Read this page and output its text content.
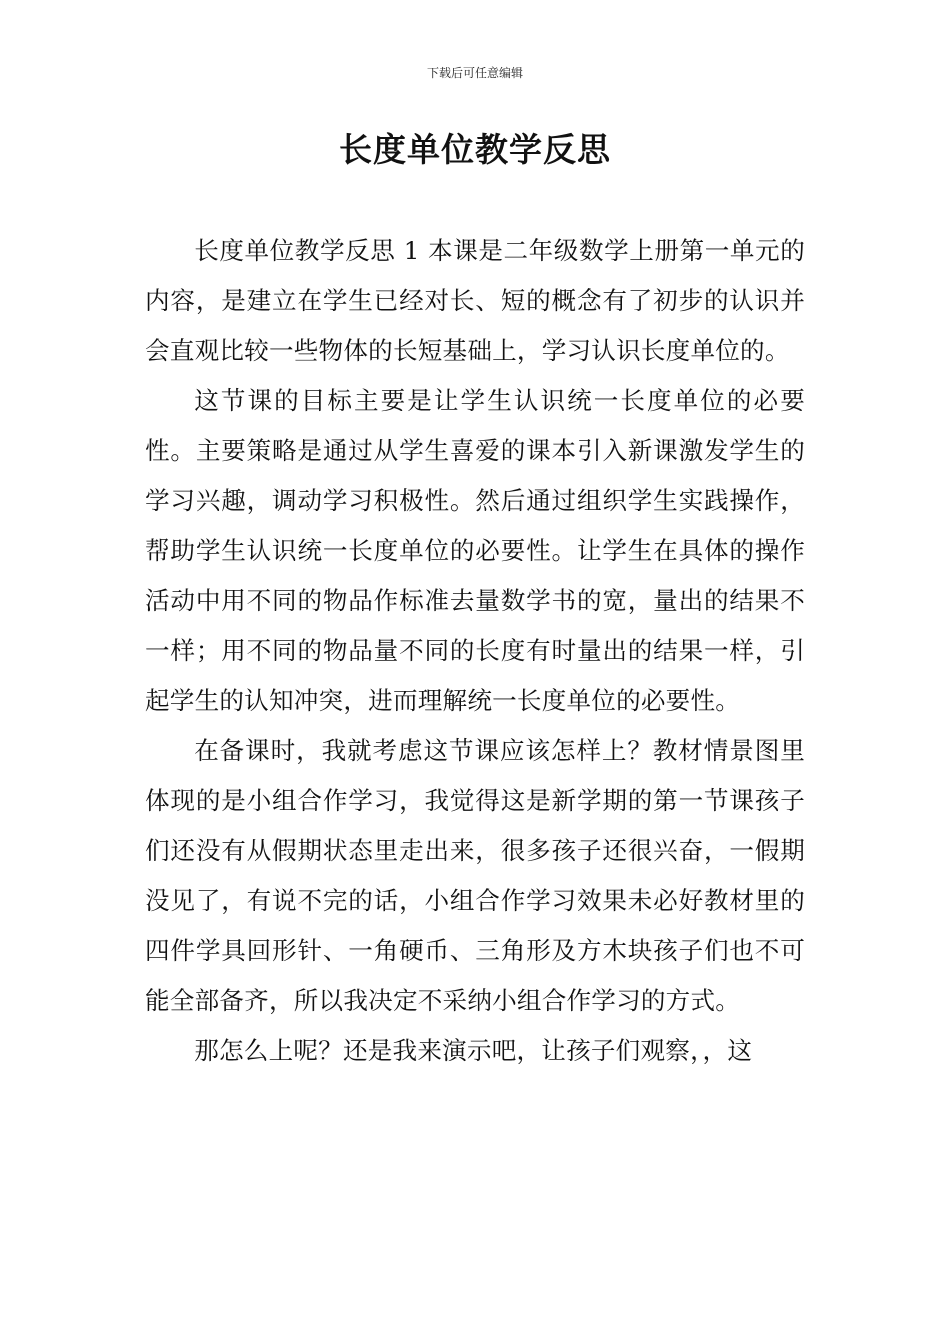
下载后可任意编辑
长度单位教学反思

长度单位教学反思 1 本课是二年级数学上册第一单元的内容，是建立在学生已经对长、短的概念有了初步的认识并会直观比较一些物体的长短基础上，学习认识长度单位的。

这节课的目标主要是让学生认识统一长度单位的必要性。主要策略是通过从学生喜爱的课本引入新课激发学生的学习兴趣，调动学习积极性。然后通过组织学生实践操作，帮助学生认识统一长度单位的必要性。让学生在具体的操作活动中用不同的物品作标准去量数学书的宽，量出的结果不一样；用不同的物品量不同的长度有时量出的结果一样，引起学生的认知冲突，进而理解统一长度单位的必要性。

在备课时，我就考虑这节课应该怎样上？教材情景图里体现的是小组合作学习，我觉得这是新学期的第一节课孩子们还没有从假期状态里走出来，很多孩子还很兴奋，一假期没见了，有说不完的话，小组合作学习效果未必好教材里的四件学具回形针、一角硬币、三角形及方木块孩子们也不可能全部备齐，所以我决定不采纳小组合作学习的方式。

那怎么上呢？还是我来演示吧，让孩子们观察，，这
